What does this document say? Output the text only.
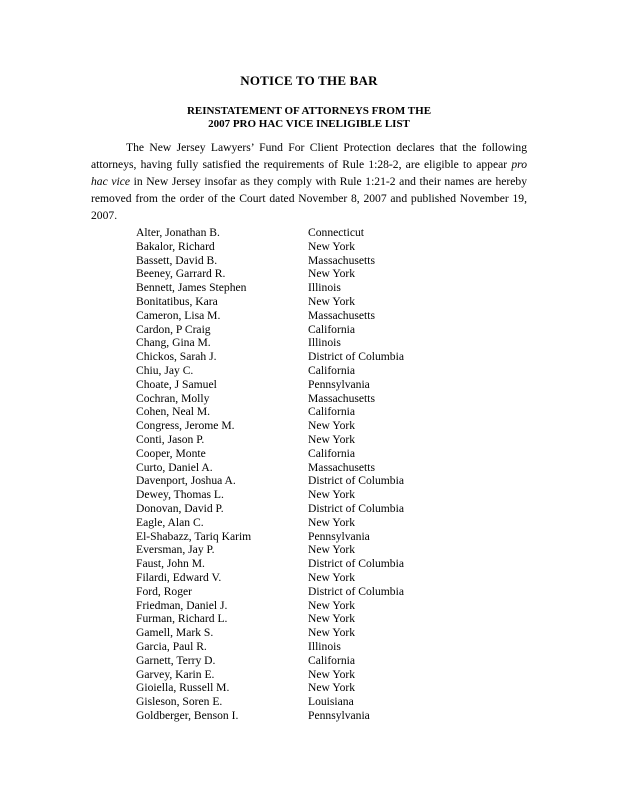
NOTICE TO THE BAR
REINSTATEMENT OF ATTORNEYS FROM THE
2007 PRO HAC VICE INELIGIBLE LIST

The New Jersey Lawyers’ Fund For Client Protection declares that the following attorneys, having fully satisfied the requirements of Rule 1:28-2, are eligible to appear pro hac vice in New Jersey insofar as they comply with Rule 1:21-2 and their names are hereby removed from the order of the Court dated November 8, 2007 and published November 19, 2007.

Alter, Jonathan B.	Connecticut
Bakalor, Richard	New York
Bassett, David B.	Massachusetts
Beeney, Garrard R.	New York
Bennett, James Stephen	Illinois
Bonitatibus, Kara	New York
Cameron, Lisa M.	Massachusetts
Cardon, P Craig	California
Chang, Gina M.	Illinois
Chickos, Sarah J.	District of Columbia
Chiu, Jay C.	California
Choate, J Samuel	Pennsylvania
Cochran, Molly	Massachusetts
Cohen, Neal M.	California
Congress, Jerome M.	New York
Conti, Jason P.	New York
Cooper, Monte	California
Curto, Daniel A.	Massachusetts
Davenport, Joshua A.	District of Columbia
Dewey, Thomas L.	New York
Donovan, David P.	District of Columbia
Eagle, Alan C.	New York
El-Shabazz, Tariq Karim	Pennsylvania
Eversman, Jay P.	New York
Faust, John M.	District of Columbia
Filardi, Edward V.	New York
Ford, Roger	District of Columbia
Friedman, Daniel J.	New York
Furman, Richard L.	New York
Gamell, Mark S.	New York
Garcia, Paul R.	Illinois
Garnett, Terry D.	California
Garvey, Karin E.	New York
Gioiella, Russell M.	New York
Gisleson, Soren E.	Louisiana
Goldberger, Benson I.	Pennsylvania
